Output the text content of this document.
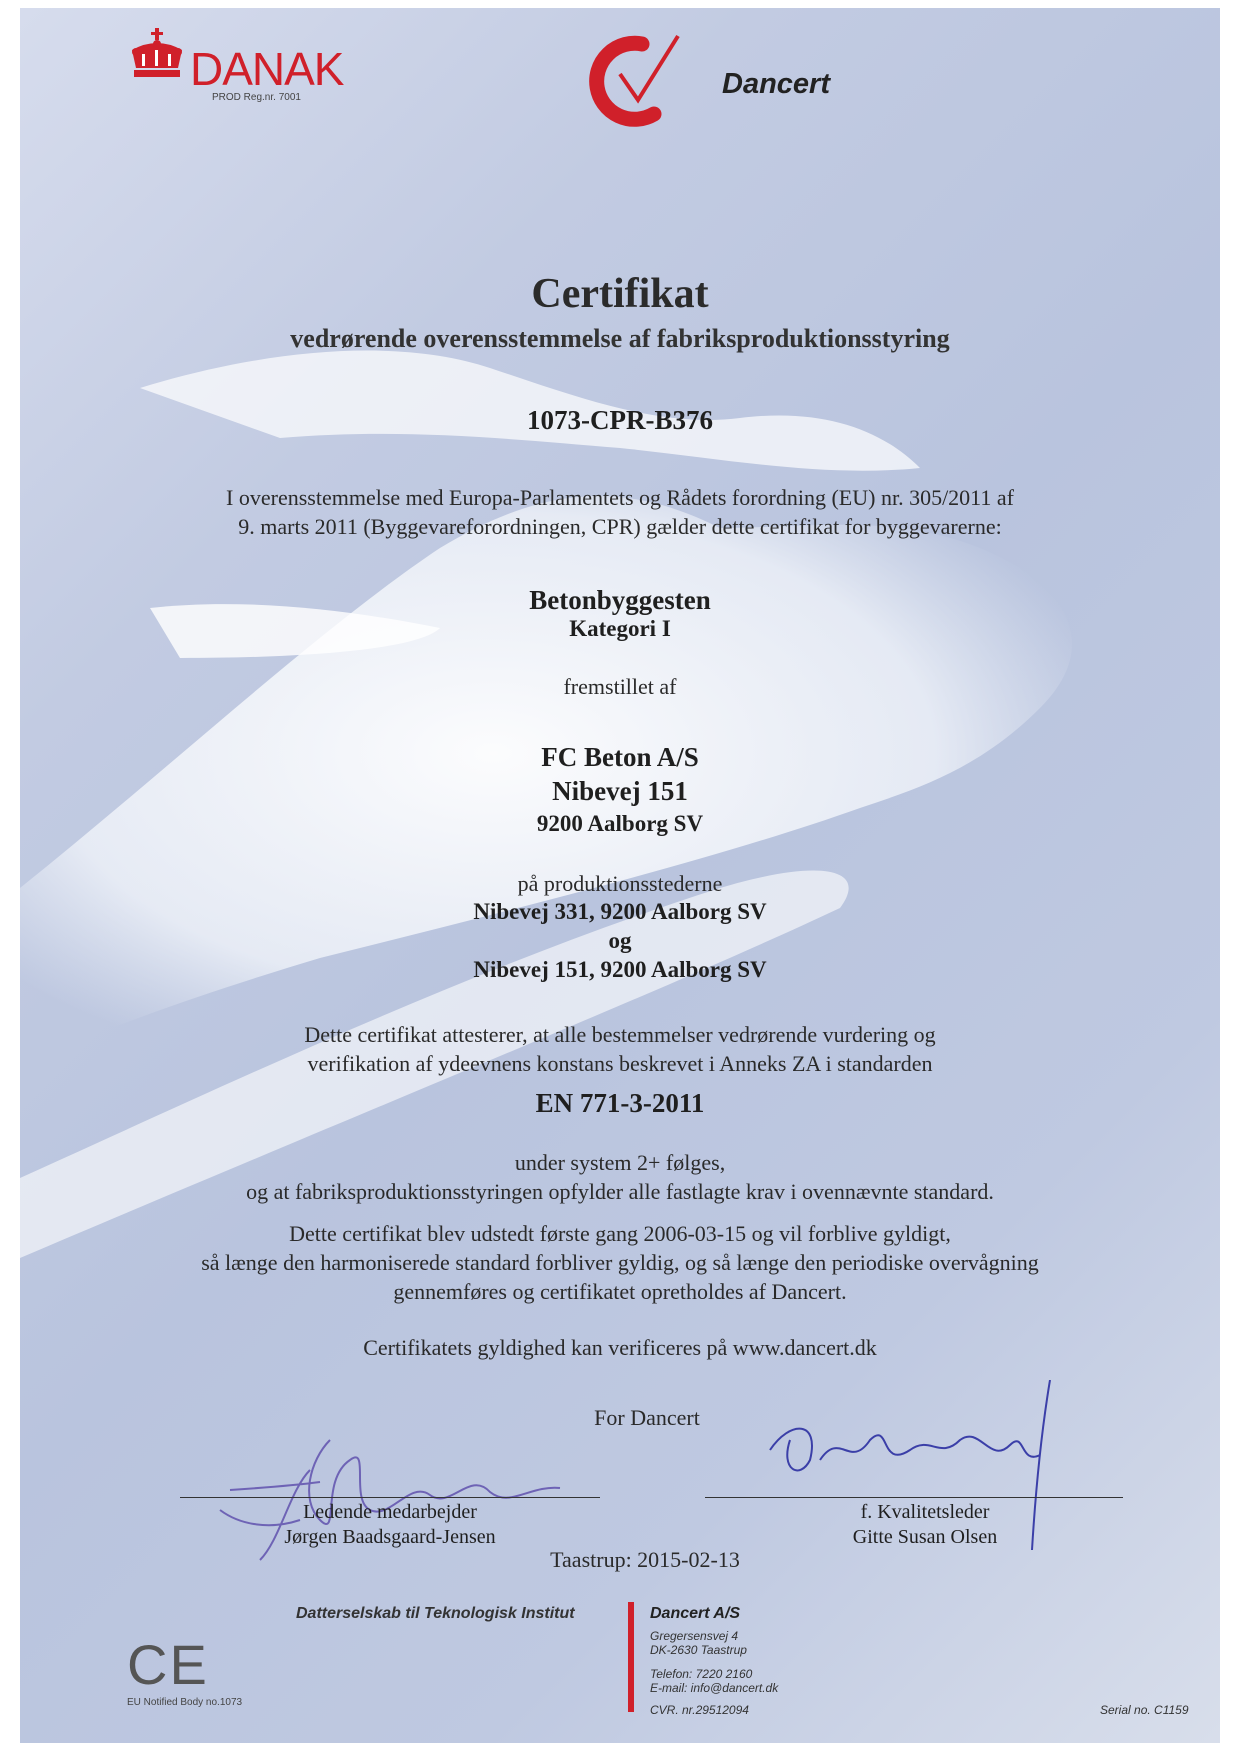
DANAK
PROD Reg.nr. 7001	Dancert
Certifikat
vedrørende overensstemmelse af fabriksproduktionsstyring
1073-CPR-B376
I overensstemmelse med Europa-Parlamentets og Rådets forordning (EU) nr. 305/2011 af
9. marts 2011 (Byggevareforordningen, CPR) gælder dette certifikat for byggevarerne:
Betonbyggesten
Kategori I
fremstillet af
FC Beton A/S
Nibevej 151
9200 Aalborg SV
på produktionsstederne
Nibevej 331, 9200 Aalborg SV
og
Nibevej 151, 9200 Aalborg SV
Dette certifikat attesterer, at alle bestemmelser vedrørende vurdering og
verifikation af ydeevnens konstans beskrevet i Anneks ZA i standarden
EN 771-3-2011
under system 2+ følges,
og at fabriksproduktionsstyringen opfylder alle fastlagte krav i ovennævnte standard.
Dette certifikat blev udstedt første gang 2006-03-15 og vil forblive gyldigt,
så længe den harmoniserede standard forbliver gyldig, og så længe den periodiske overvågning
gennemføres og certifikatet opretholdes af Dancert.
Certifikatets gyldighed kan verificeres på www.dancert.dk
For Dancert
Ledende medarbejder
Jørgen Baadsgaard-Jensen
f. Kvalitetsleder
Gitte Susan Olsen
Taastrup: 2015-02-13
CE
EU Notified Body no.1073
Datterselskab til Teknologisk Institut	Dancert A/S
Gregersensvej 4
DK-2630 Taastrup
Telefon: 7220 2160
E-mail: info@dancert.dk
CVR. nr.29512094	Serial no. C1159
